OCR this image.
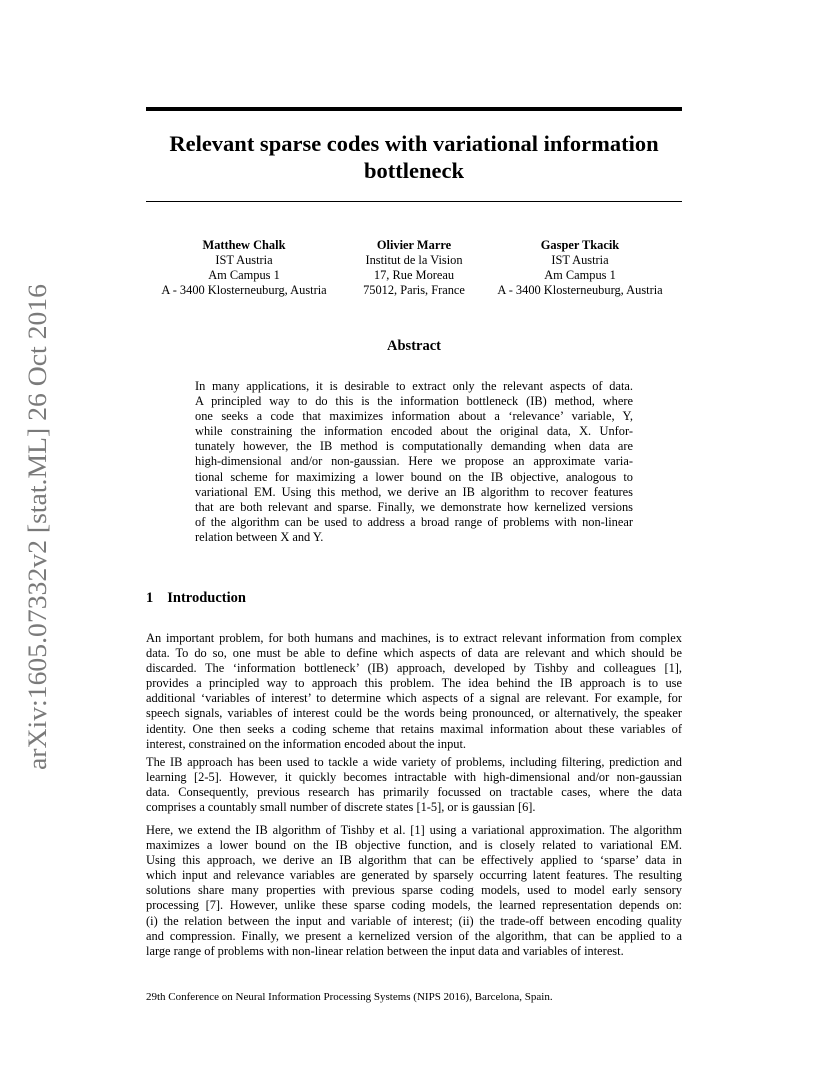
arXiv:1605.07332v2 [stat.ML] 26 Oct 2016
Relevant sparse codes with variational information
bottleneck
Matthew Chalk
IST Austria
Am Campus 1
A - 3400 Klosterneuburg, Austria
Olivier Marre
Institut de la Vision
17, Rue Moreau
75012, Paris, France
Gasper Tkacik
IST Austria
Am Campus 1
A - 3400 Klosterneuburg, Austria
Abstract
In many applications, it is desirable to extract only the relevant aspects of data.
A principled way to do this is the information bottleneck (IB) method, where
one seeks a code that maximizes information about a ‘relevance’ variable, Y,
while constraining the information encoded about the original data, X. Unfor-
tunately however, the IB method is computationally demanding when data are
high-dimensional and/or non-gaussian. Here we propose an approximate varia-
tional scheme for maximizing a lower bound on the IB objective, analogous to
variational EM. Using this method, we derive an IB algorithm to recover features
that are both relevant and sparse. Finally, we demonstrate how kernelized versions
of the algorithm can be used to address a broad range of problems with non-linear
relation between X and Y.
1 Introduction
An important problem, for both humans and machines, is to extract relevant information from complex
data. To do so, one must be able to define which aspects of data are relevant and which should be
discarded. The ‘information bottleneck’ (IB) approach, developed by Tishby and colleagues [1],
provides a principled way to approach this problem. The idea behind the IB approach is to use
additional ‘variables of interest’ to determine which aspects of a signal are relevant. For example, for
speech signals, variables of interest could be the words being pronounced, or alternatively, the speaker
identity. One then seeks a coding scheme that retains maximal information about these variables of
interest, constrained on the information encoded about the input.
The IB approach has been used to tackle a wide variety of problems, including filtering, prediction and
learning [2-5]. However, it quickly becomes intractable with high-dimensional and/or non-gaussian
data. Consequently, previous research has primarily focussed on tractable cases, where the data
comprises a countably small number of discrete states [1-5], or is gaussian [6].
Here, we extend the IB algorithm of Tishby et al. [1] using a variational approximation. The algorithm
maximizes a lower bound on the IB objective function, and is closely related to variational EM.
Using this approach, we derive an IB algorithm that can be effectively applied to ‘sparse’ data in
which input and relevance variables are generated by sparsely occurring latent features. The resulting
solutions share many properties with previous sparse coding models, used to model early sensory
processing [7]. However, unlike these sparse coding models, the learned representation depends on:
(i) the relation between the input and variable of interest; (ii) the trade-off between encoding quality
and compression. Finally, we present a kernelized version of the algorithm, that can be applied to a
large range of problems with non-linear relation between the input data and variables of interest.
29th Conference on Neural Information Processing Systems (NIPS 2016), Barcelona, Spain.
